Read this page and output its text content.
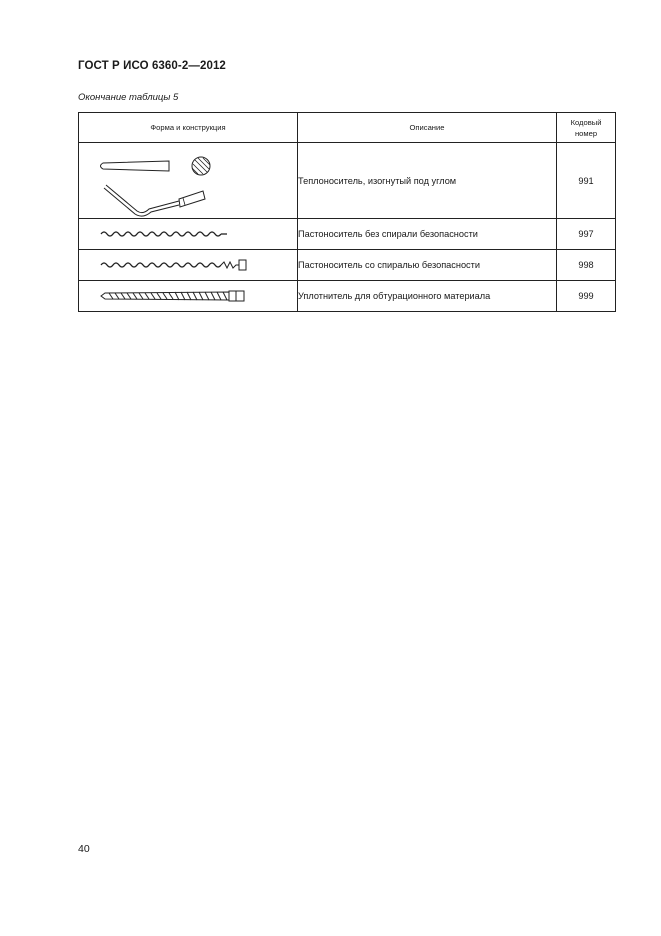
ГОСТ Р ИСО 6360-2—2012
Окончание таблицы 5
Форма и конструкция	Описание	Кодовый
номер

	Теплоноситель, изогнутый под углом	991

	Пастоноситель без спирали безопасности	997

	Пастоноситель со спиралью безопасности	998

	Уплотнитель для обтурационного материала	999
40
